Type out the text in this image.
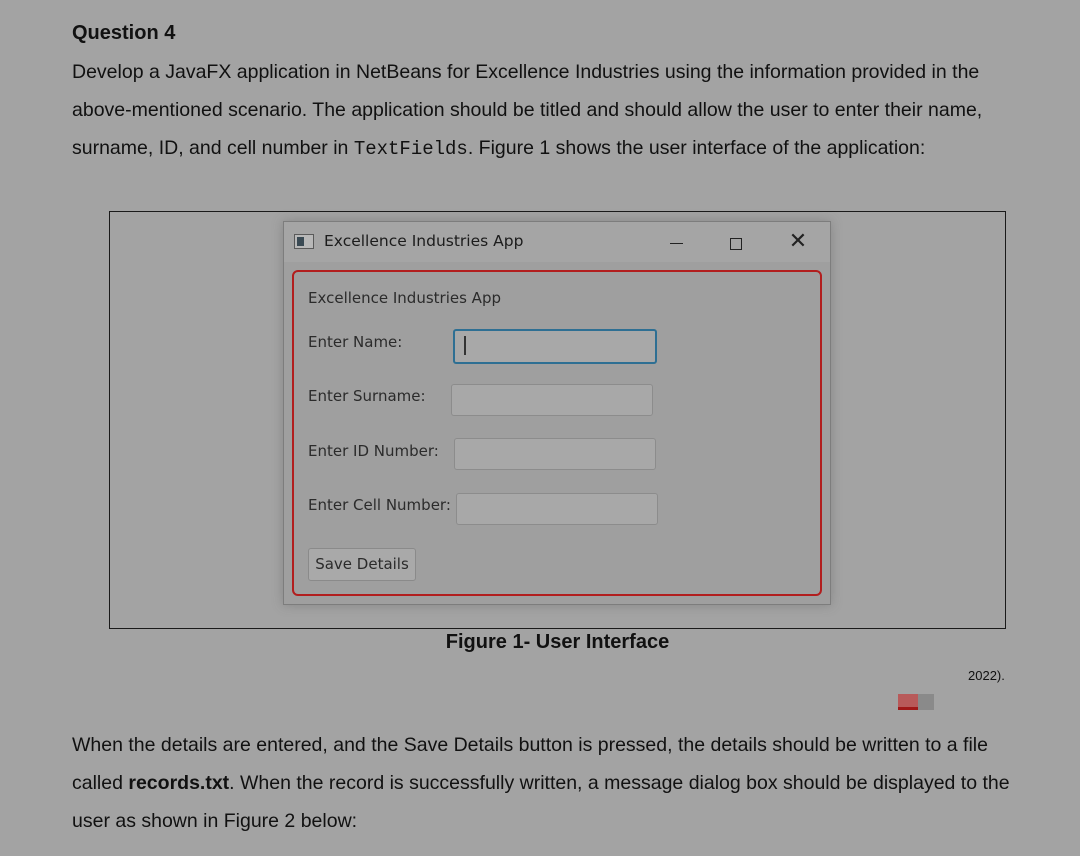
Question 4

Develop a JavaFX application in NetBeans for Excellence Industries using the information provided in the above-mentioned scenario. The application should be titled and should allow the user to enter their name, surname, ID, and cell number in TextFields. Figure 1 shows the user interface of the application:

Excellence Industries App	✕
Excellence Industries App
Enter Name:
Enter Surname:
Enter ID Number:
Enter Cell Number:
Save Details
Figure 1- User Interface
2022).

When the details are entered, and the Save Details button is pressed, the details should be written to a file called records.txt. When the record is successfully written, a message dialog box should be displayed to the user as shown in Figure 2 below:
